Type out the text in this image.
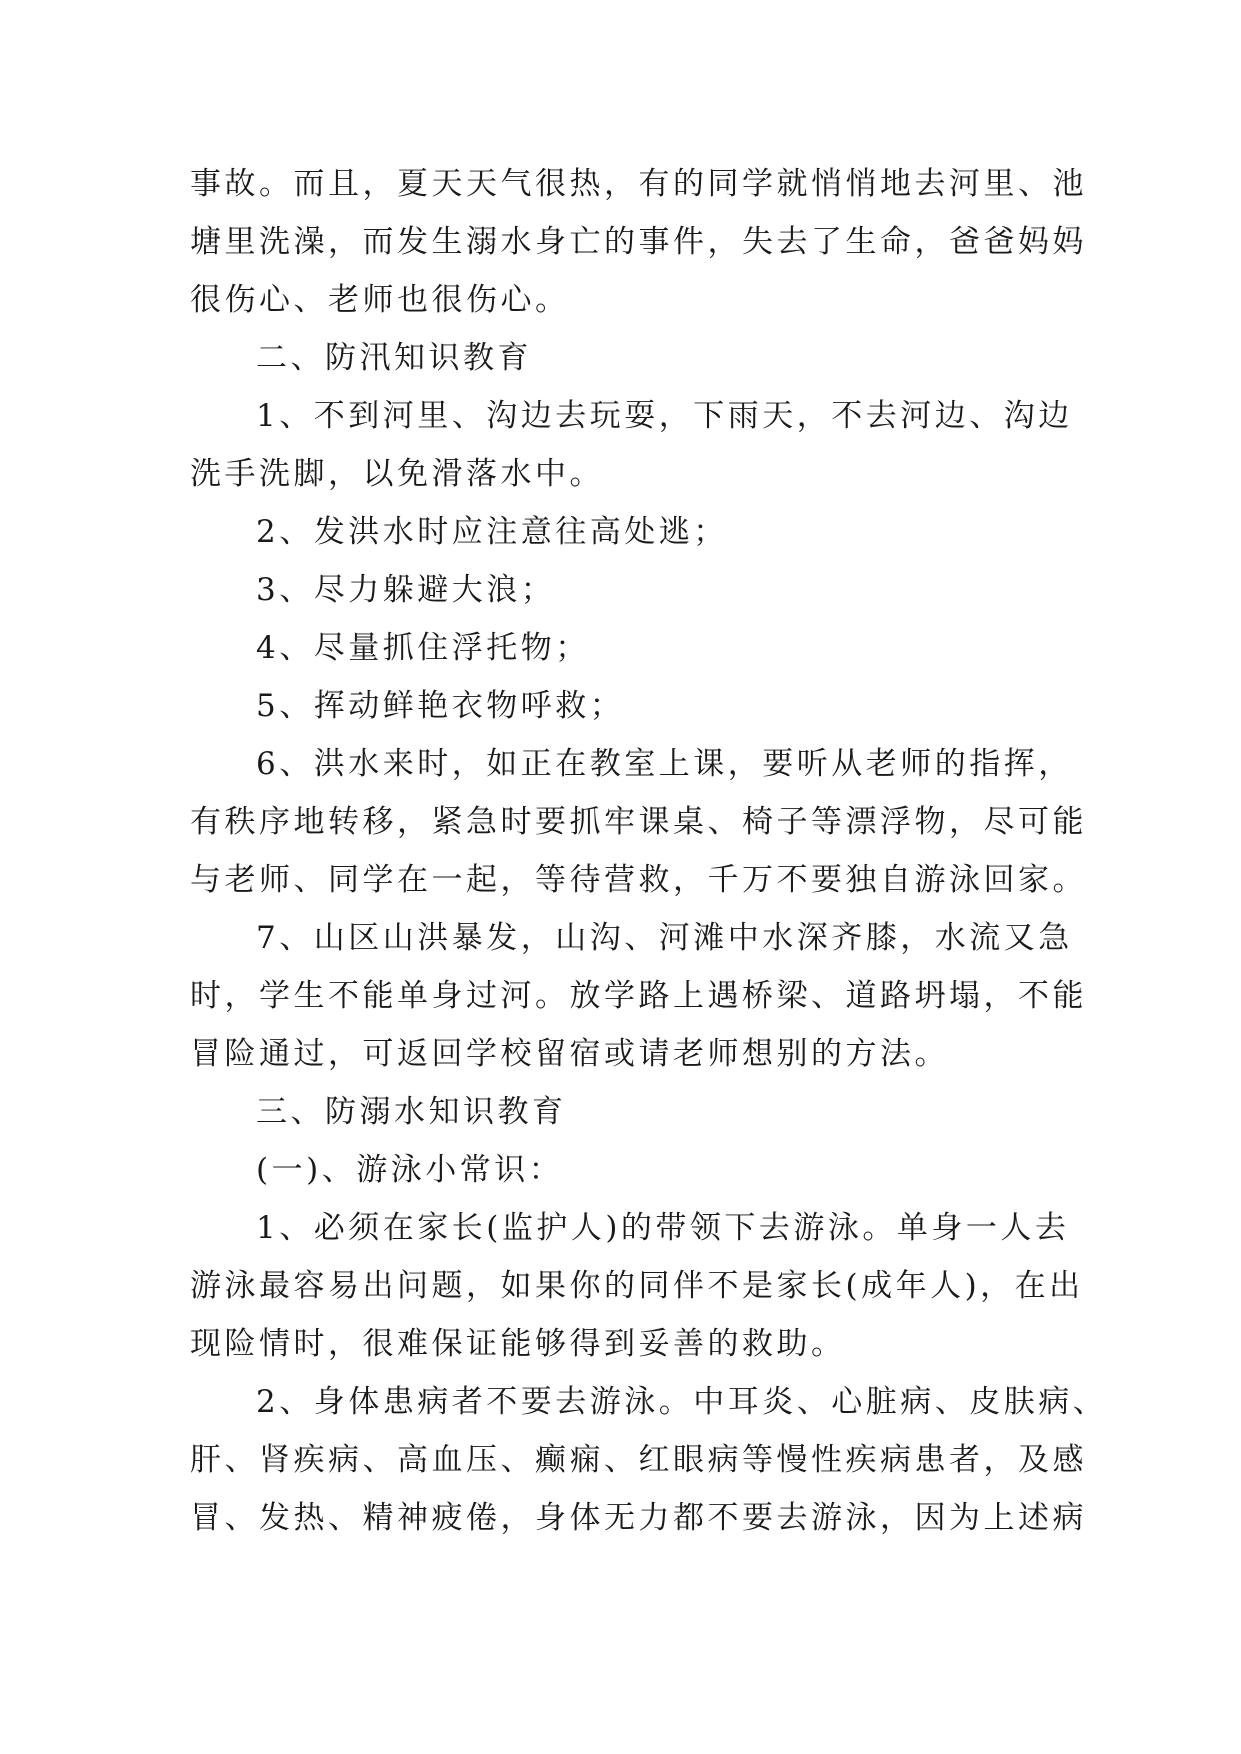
事故。而且，夏天天气很热，有的同学就悄悄地去河里、池
塘里洗澡，而发生溺水身亡的事件，失去了生命，爸爸妈妈
很伤心、老师也很伤心。
二、防汛知识教育
1、不到河里、沟边去玩耍，下雨天，不去河边、沟边
洗手洗脚，以免滑落水中。
2、发洪水时应注意往高处逃；
3、尽力躲避大浪；
4、尽量抓住浮托物；
5、挥动鲜艳衣物呼救；
6、洪水来时，如正在教室上课，要听从老师的指挥，
有秩序地转移，紧急时要抓牢课桌、椅子等漂浮物，尽可能
与老师、同学在一起，等待营救，千万不要独自游泳回家。
7、山区山洪暴发，山沟、河滩中水深齐膝，水流又急
时，学生不能单身过河。放学路上遇桥梁、道路坍塌，不能
冒险通过，可返回学校留宿或请老师想别的方法。
三、防溺水知识教育
(一)、游泳小常识：
1、必须在家长(监护人)的带领下去游泳。单身一人去
游泳最容易出问题，如果你的同伴不是家长(成年人)，在出
现险情时，很难保证能够得到妥善的救助。
2、身体患病者不要去游泳。中耳炎、心脏病、皮肤病、
肝、肾疾病、高血压、癫痫、红眼病等慢性疾病患者，及感
冒、发热、精神疲倦，身体无力都不要去游泳，因为上述病
